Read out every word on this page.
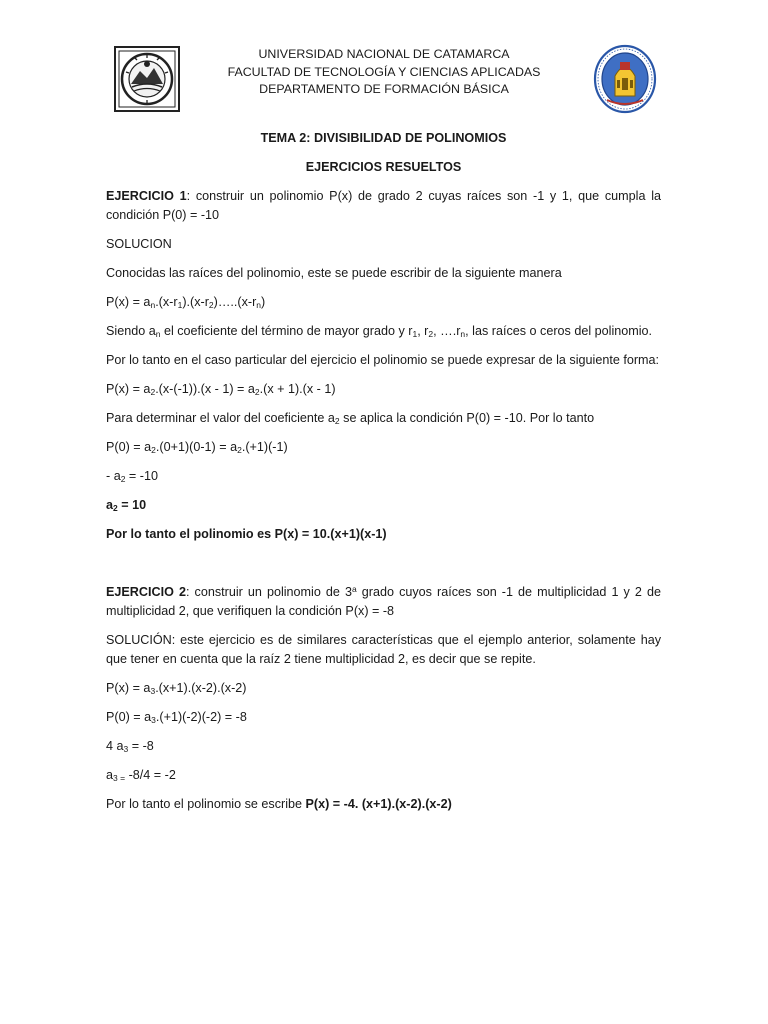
UNIVERSIDAD NACIONAL DE CATAMARCA
FACULTAD DE TECNOLOGÍA Y CIENCIAS APLICADAS
DEPARTAMENTO DE FORMACIÓN BÁSICA

TEMA 2: DIVISIBILIDAD DE POLINOMIOS

EJERCICIOS RESUELTOS

EJERCICIO 1: construir un polinomio P(x) de grado 2 cuyas raíces son -1 y 1, que cumpla la condición P(0) = -10

SOLUCION

Conocidas las raíces del polinomio, este se puede escribir de la siguiente manera

$P(x) = a_n.(x-r_1).(x-r_2)\dots..(x-r_n)$

Siendo $a_n$ el coeficiente del término de mayor grado y $r_1$, $r_2$, $\dots.r_n$, las raíces o ceros del polinomio.

Por lo tanto en el caso particular del ejercicio el polinomio se puede expresar de la siguiente forma:

$P(x) = a_2.(x-(-1)).(x - 1) = a_2.(x + 1).(x - 1)$

Para determinar el valor del coeficiente $a_2$ se aplica la condición P(0) = -10. Por lo tanto

$P(0) = a_2.(0+1)(0-1) = a_2.(+1)(-1)$

- $a_2 = -10$

$a_2 = 10$

Por lo tanto el polinomio es P(x) = 10.(x+1)(x-1)

EJERCICIO 2: construir un polinomio de 3$^a$ grado cuyos raíces son -1 de multiplicidad 1 y 2 de multiplicidad 2, que verifiquen la condición P(x) = -8

SOLUCIÓN: este ejercicio es de similares características que el ejemplo anterior, solamente hay que tener en cuenta que la raíz 2 tiene multiplicidad 2, es decir que se repite.

$P(x) = a_3.(x+1).(x-2).(x-2)$

$P(0) = a_3.(+1)(-2)(-2) = -8$

4 $a_3 = -8$

$a_{3 =}$ -8/4 = -2

Por lo tanto el polinomio se escribe P(x) = -4. (x+1).(x-2).(x-2)
